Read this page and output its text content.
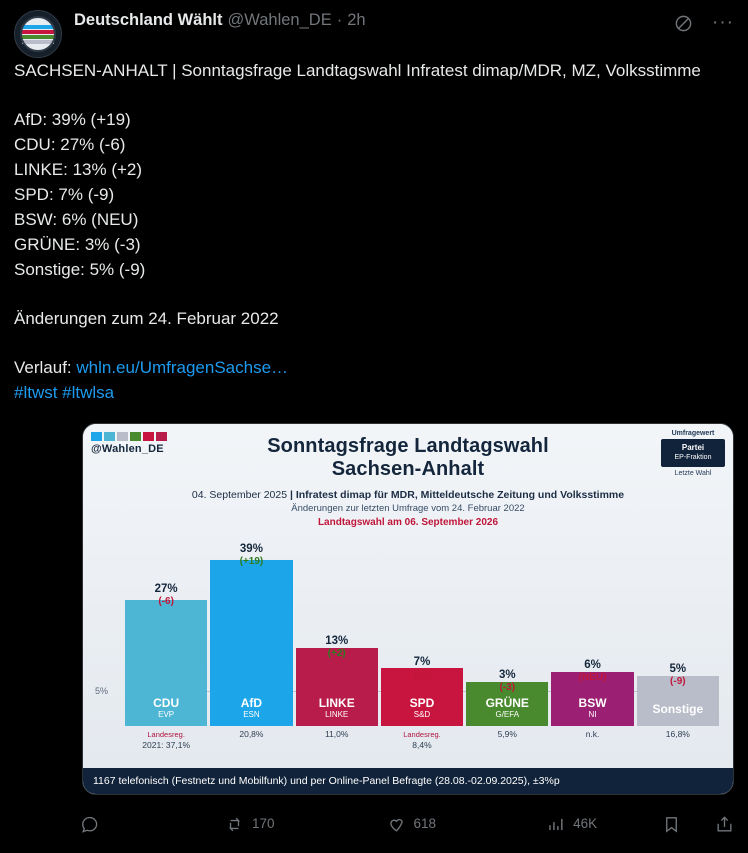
Deutschland Wählt @Wahlen_DE · 2h	···
SACHSEN-ANHALT | Sonntagsfrage Landtagswahl Infratest dimap/MDR, MZ, Volksstimme
AfD: 39% (+19)
CDU: 27% (-6)
LINKE: 13% (+2)
SPD: 7% (-9)
BSW: 6% (NEU)
GRÜNE: 3% (-3)
Sonstige: 5% (-9)
Änderungen zum 24. Februar 2022
Verlauf: whln.eu/UmfragenSachse…
#ltwst #ltwlsa
@Wahlen_DE
Umfragewert
Partei
EP-Fraktion
Letzte Wahl
Sonntagsfrage Landtagswahl
Sachsen-Anhalt
04. September 2025 | Infratest dimap für MDR, Mitteldeutsche Zeitung und Volksstimme
Änderungen zur letzten Umfrage vom 24. Februar 2022
Landtagswahl am 06. September 2026
5%
27%
(-6)
CDU
EVP
Landesreg.
2021: 37,1%
39%
(+19)
AfD
ESN
20,8%
13%
(+2)
LINKE
LINKE
11,0%
7%
(-9)
SPD
S&D
Landesreg.
8,4%
3%
(-3)
GRÜNE
G/EFA
5,9%
6%
(NEU)
BSW
NI
n.k.
5%
(-9)
Sonstige
16,8%
1167 telefonisch (Festnetz und Mobilfunk) und per Online-Panel Befragte (28.08.-02.09.2025), ±3%p
170	618	46K
